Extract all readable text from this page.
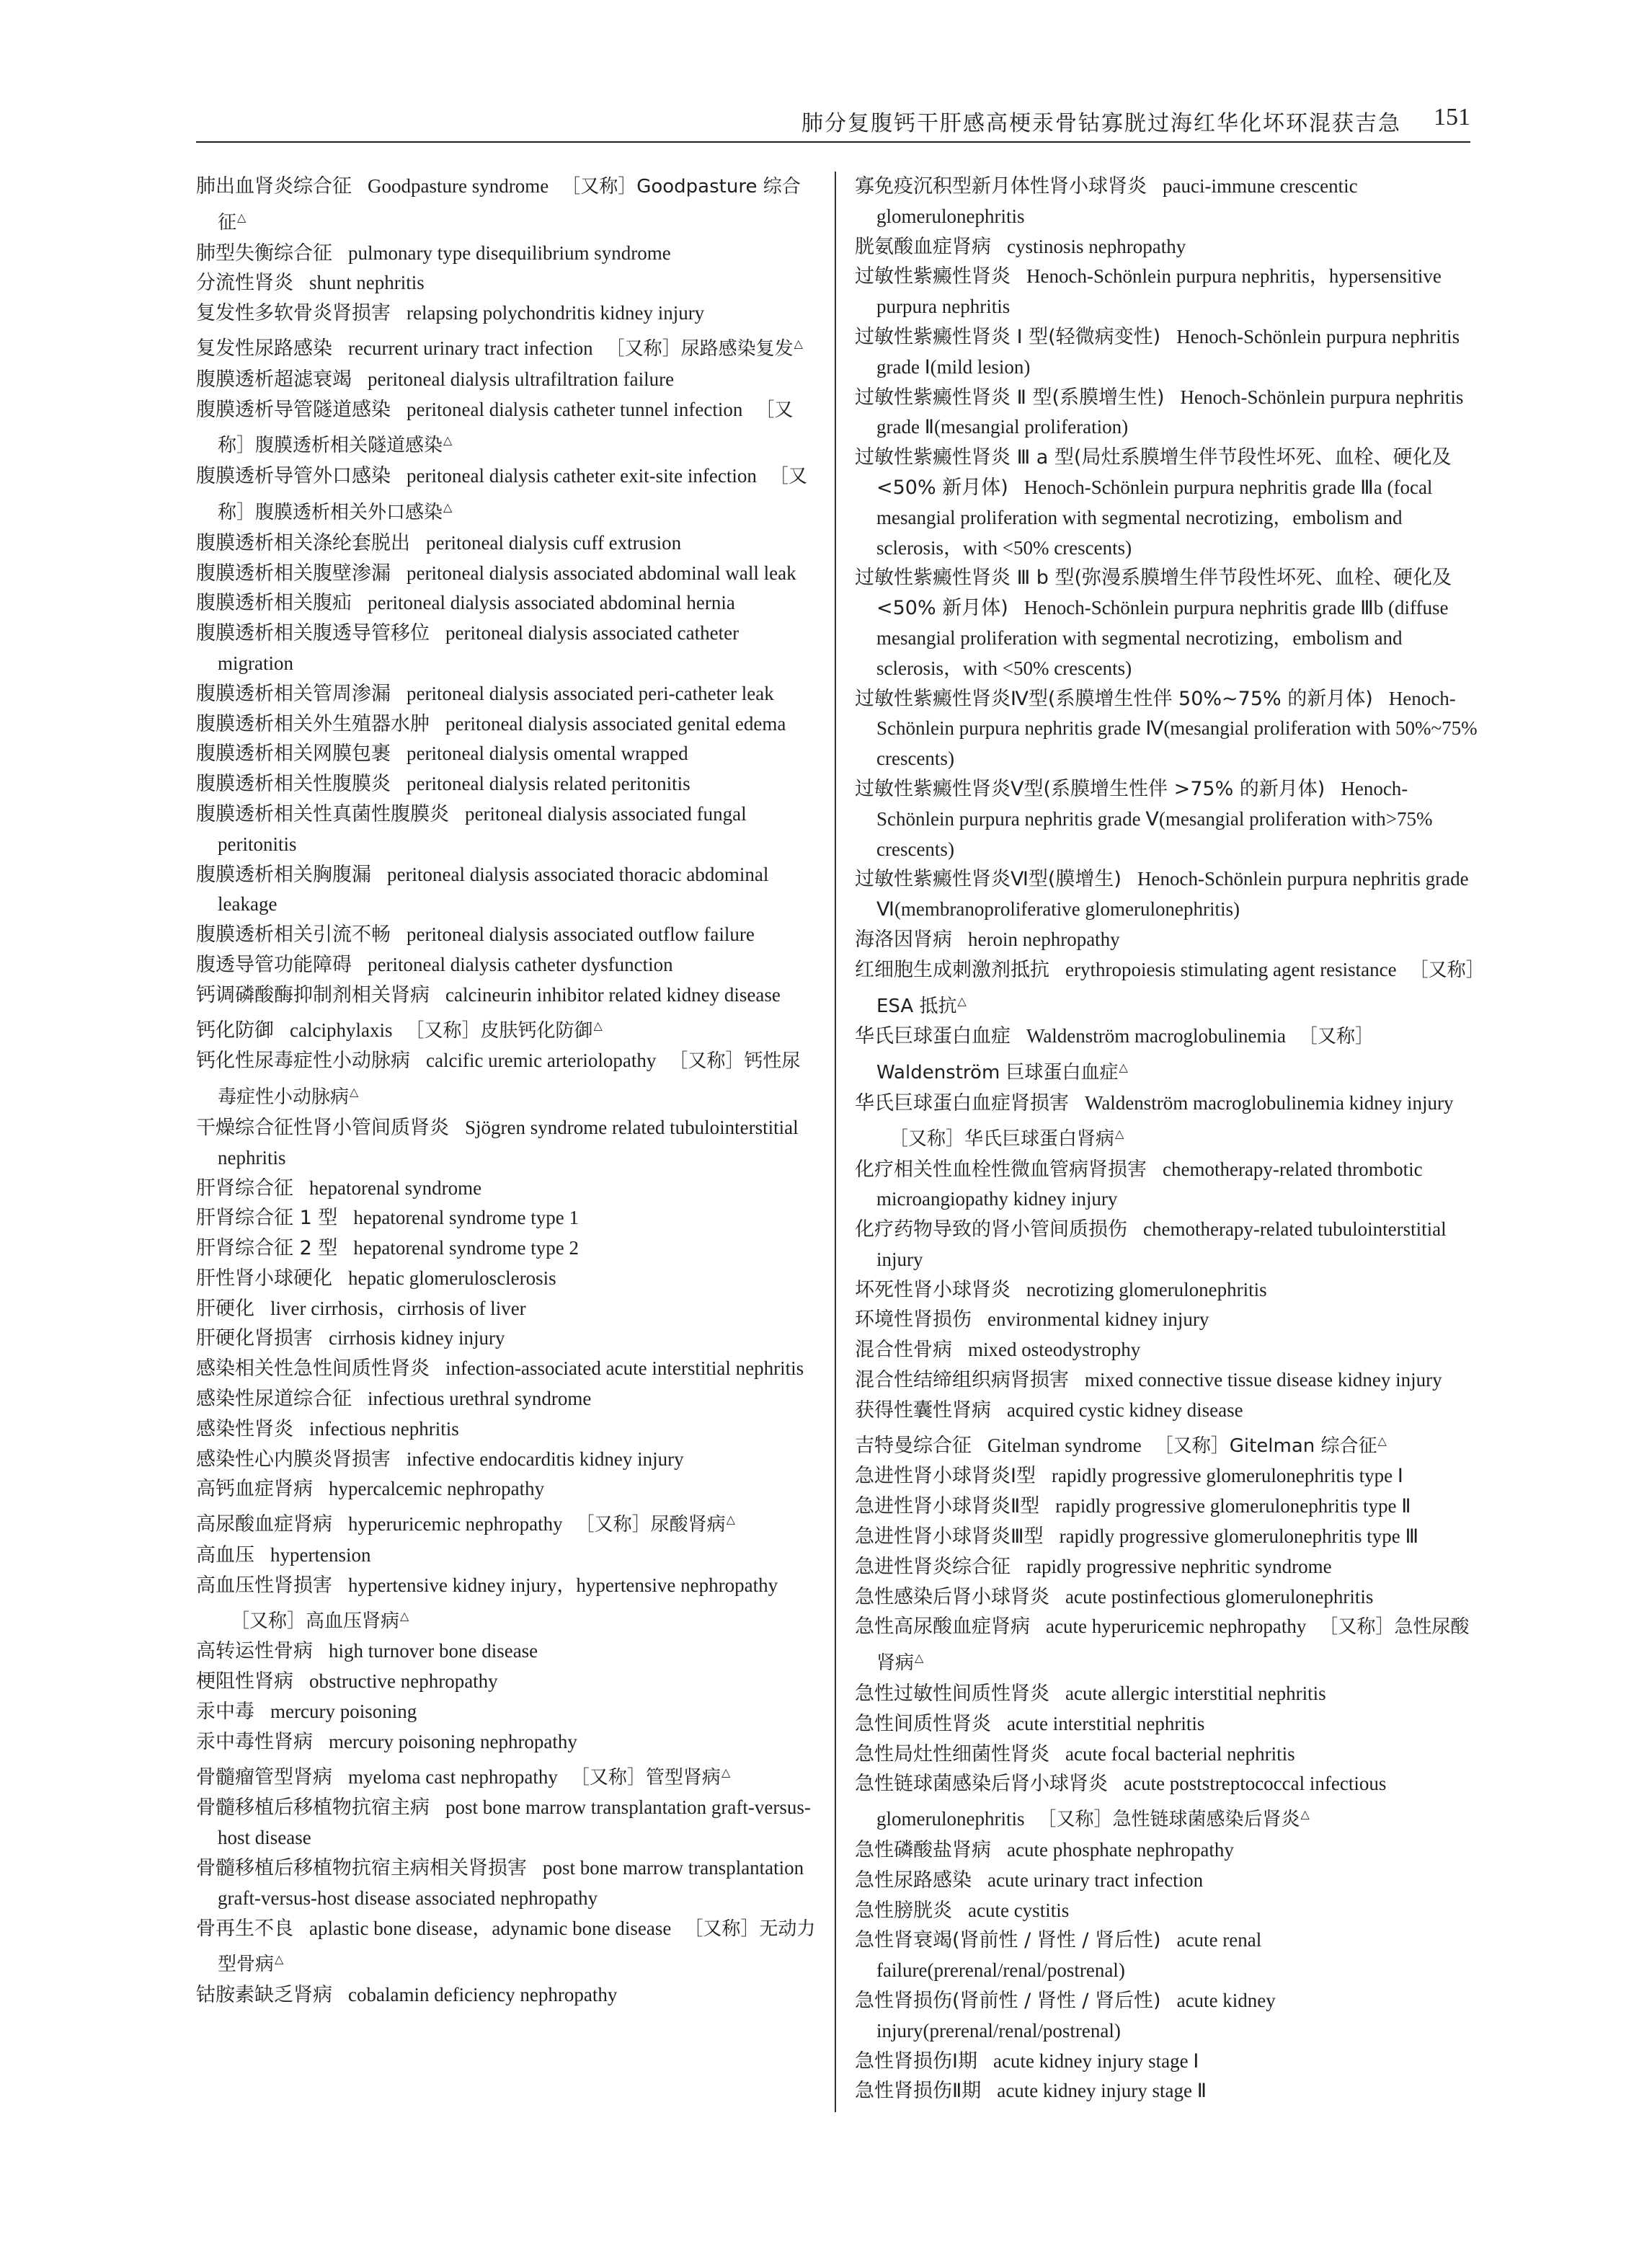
肺分复腹钙干肝感高梗汞骨钴寡胱过海红华化坏环混获吉急 151
肺出血肾炎综合征 Goodpasture syndrome ［又称］Goodpasture 综合征△
肺型失衡综合征 pulmonary type disequilibrium syndrome
分流性肾炎 shunt nephritis
复发性多软骨炎肾损害 relapsing polychondritis kidney injury
复发性尿路感染 recurrent urinary tract infection ［又称］尿路感染复发△
腹膜透析超滤衰竭 peritoneal dialysis ultrafiltration failure
腹膜透析导管隧道感染 peritoneal dialysis catheter tunnel infection ［又称］腹膜透析相关隧道感染△
腹膜透析导管外口感染 peritoneal dialysis catheter exit-site infection ［又称］腹膜透析相关外口感染△
腹膜透析相关涤纶套脱出 peritoneal dialysis cuff extrusion
腹膜透析相关腹壁渗漏 peritoneal dialysis associated abdominal wall leak
腹膜透析相关腹疝 peritoneal dialysis associated abdominal hernia
腹膜透析相关腹透导管移位 peritoneal dialysis associated catheter migration
腹膜透析相关管周渗漏 peritoneal dialysis associated peri-catheter leak
腹膜透析相关外生殖器水肿 peritoneal dialysis associated genital edema
腹膜透析相关网膜包裹 peritoneal dialysis omental wrapped
腹膜透析相关性腹膜炎 peritoneal dialysis related peritonitis
腹膜透析相关性真菌性腹膜炎 peritoneal dialysis associated fungal peritonitis
腹膜透析相关胸腹漏 peritoneal dialysis associated thoracic abdominal leakage
腹膜透析相关引流不畅 peritoneal dialysis associated outflow failure
腹透导管功能障碍 peritoneal dialysis catheter dysfunction
钙调磷酸酶抑制剂相关肾病 calcineurin inhibitor related kidney disease
钙化防御 calciphylaxis ［又称］皮肤钙化防御△
钙化性尿毒症性小动脉病 calcific uremic arteriolopathy ［又称］钙性尿毒症性小动脉病△
干燥综合征性肾小管间质肾炎 Sjögren syndrome related tubulointerstitial nephritis
肝肾综合征 hepatorenal syndrome
肝肾综合征 1 型 hepatorenal syndrome type 1
肝肾综合征 2 型 hepatorenal syndrome type 2
肝性肾小球硬化 hepatic glomerulosclerosis
肝硬化 liver cirrhosis，cirrhosis of liver
肝硬化肾损害 cirrhosis kidney injury
感染相关性急性间质性肾炎 infection-associated acute interstitial nephritis
感染性尿道综合征 infectious urethral syndrome
感染性肾炎 infectious nephritis
感染性心内膜炎肾损害 infective endocarditis kidney injury
高钙血症肾病 hypercalcemic nephropathy
高尿酸血症肾病 hyperuricemic nephropathy ［又称］尿酸肾病△
高血压 hypertension
高血压性肾损害 hypertensive kidney injury，hypertensive nephropathy［又称］高血压肾病△
高转运性骨病 high turnover bone disease
梗阻性肾病 obstructive nephropathy
汞中毒 mercury poisoning
汞中毒性肾病 mercury poisoning nephropathy
骨髓瘤管型肾病 myeloma cast nephropathy ［又称］管型肾病△
骨髓移植后移植物抗宿主病 post bone marrow transplantation graft-versus-host disease
骨髓移植后移植物抗宿主病相关肾损害 post bone marrow transplantation graft-versus-host disease associated nephropathy
骨再生不良 aplastic bone disease，adynamic bone disease ［又称］无动力型骨病△
钴胺素缺乏肾病 cobalamin deficiency nephropathy
寡免疫沉积型新月体性肾小球肾炎 pauci-immune crescentic glomerulonephritis
胱氨酸血症肾病 cystinosis nephropathy
过敏性紫癜性肾炎 Henoch-Schönlein purpura nephritis，hypersensitive purpura nephritis
过敏性紫癜性肾炎 Ⅰ 型(轻微病变性) Henoch-Schönlein purpura nephritis grade Ⅰ(mild lesion)
过敏性紫癜性肾炎 Ⅱ 型(系膜增生性) Henoch-Schönlein purpura nephritis grade Ⅱ(mesangial proliferation)
过敏性紫癜性肾炎 Ⅲ a 型(局灶系膜增生伴节段性坏死、血栓、硬化及 <50% 新月体) Henoch-Schönlein purpura nephritis grade Ⅲa (focal mesangial proliferation with segmental necrotizing，embolism and sclerosis，with <50% crescents)
过敏性紫癜性肾炎 Ⅲ b 型(弥漫系膜增生伴节段性坏死、血栓、硬化及 <50% 新月体) Henoch-Schönlein purpura nephritis grade Ⅲb (diffuse mesangial proliferation with segmental necrotizing，embolism and sclerosis，with <50% crescents)
过敏性紫癜性肾炎Ⅳ型(系膜增生性伴 50%~75% 的新月体) Henoch-Schönlein purpura nephritis grade Ⅳ(mesangial proliferation with 50%~75% crescents)
过敏性紫癜性肾炎Ⅴ型(系膜增生性伴 >75% 的新月体) Henoch-Schönlein purpura nephritis grade Ⅴ(mesangial proliferation with>75% crescents)
过敏性紫癜性肾炎Ⅵ型(膜增生) Henoch-Schönlein purpura nephritis grade Ⅵ(membranoproliferative glomerulonephritis)
海洛因肾病 heroin nephropathy
红细胞生成刺激剂抵抗 erythropoiesis stimulating agent resistance ［又称］ESA 抵抗△
华氏巨球蛋白血症 Waldenström macroglobulinemia ［又称］Waldenström 巨球蛋白血症△
华氏巨球蛋白血症肾损害 Waldenström macroglobulinemia kidney injury［又称］华氏巨球蛋白肾病△
化疗相关性血栓性微血管病肾损害 chemotherapy-related thrombotic microangiopathy kidney injury
化疗药物导致的肾小管间质损伤 chemotherapy-related tubulointerstitial injury
坏死性肾小球肾炎 necrotizing glomerulonephritis
环境性肾损伤 environmental kidney injury
混合性骨病 mixed osteodystrophy
混合性结缔组织病肾损害 mixed connective tissue disease kidney injury
获得性囊性肾病 acquired cystic kidney disease
吉特曼综合征 Gitelman syndrome ［又称］Gitelman 综合征△
急进性肾小球肾炎Ⅰ型 rapidly progressive glomerulonephritis type Ⅰ
急进性肾小球肾炎Ⅱ型 rapidly progressive glomerulonephritis type Ⅱ
急进性肾小球肾炎Ⅲ型 rapidly progressive glomerulonephritis type Ⅲ
急进性肾炎综合征 rapidly progressive nephritic syndrome
急性感染后肾小球肾炎 acute postinfectious glomerulonephritis
急性高尿酸血症肾病 acute hyperuricemic nephropathy ［又称］急性尿酸肾病△
急性过敏性间质性肾炎 acute allergic interstitial nephritis
急性间质性肾炎 acute interstitial nephritis
急性局灶性细菌性肾炎 acute focal bacterial nephritis
急性链球菌感染后肾小球肾炎 acute poststreptococcal infectious glomerulonephritis ［又称］急性链球菌感染后肾炎△
急性磷酸盐肾病 acute phosphate nephropathy
急性尿路感染 acute urinary tract infection
急性膀胱炎 acute cystitis
急性肾衰竭(肾前性 / 肾性 / 肾后性) acute renal failure(prerenal/renal/postrenal)
急性肾损伤(肾前性 / 肾性 / 肾后性) acute kidney injury(prerenal/renal/postrenal)
急性肾损伤Ⅰ期 acute kidney injury stage Ⅰ
急性肾损伤Ⅱ期 acute kidney injury stage Ⅱ
